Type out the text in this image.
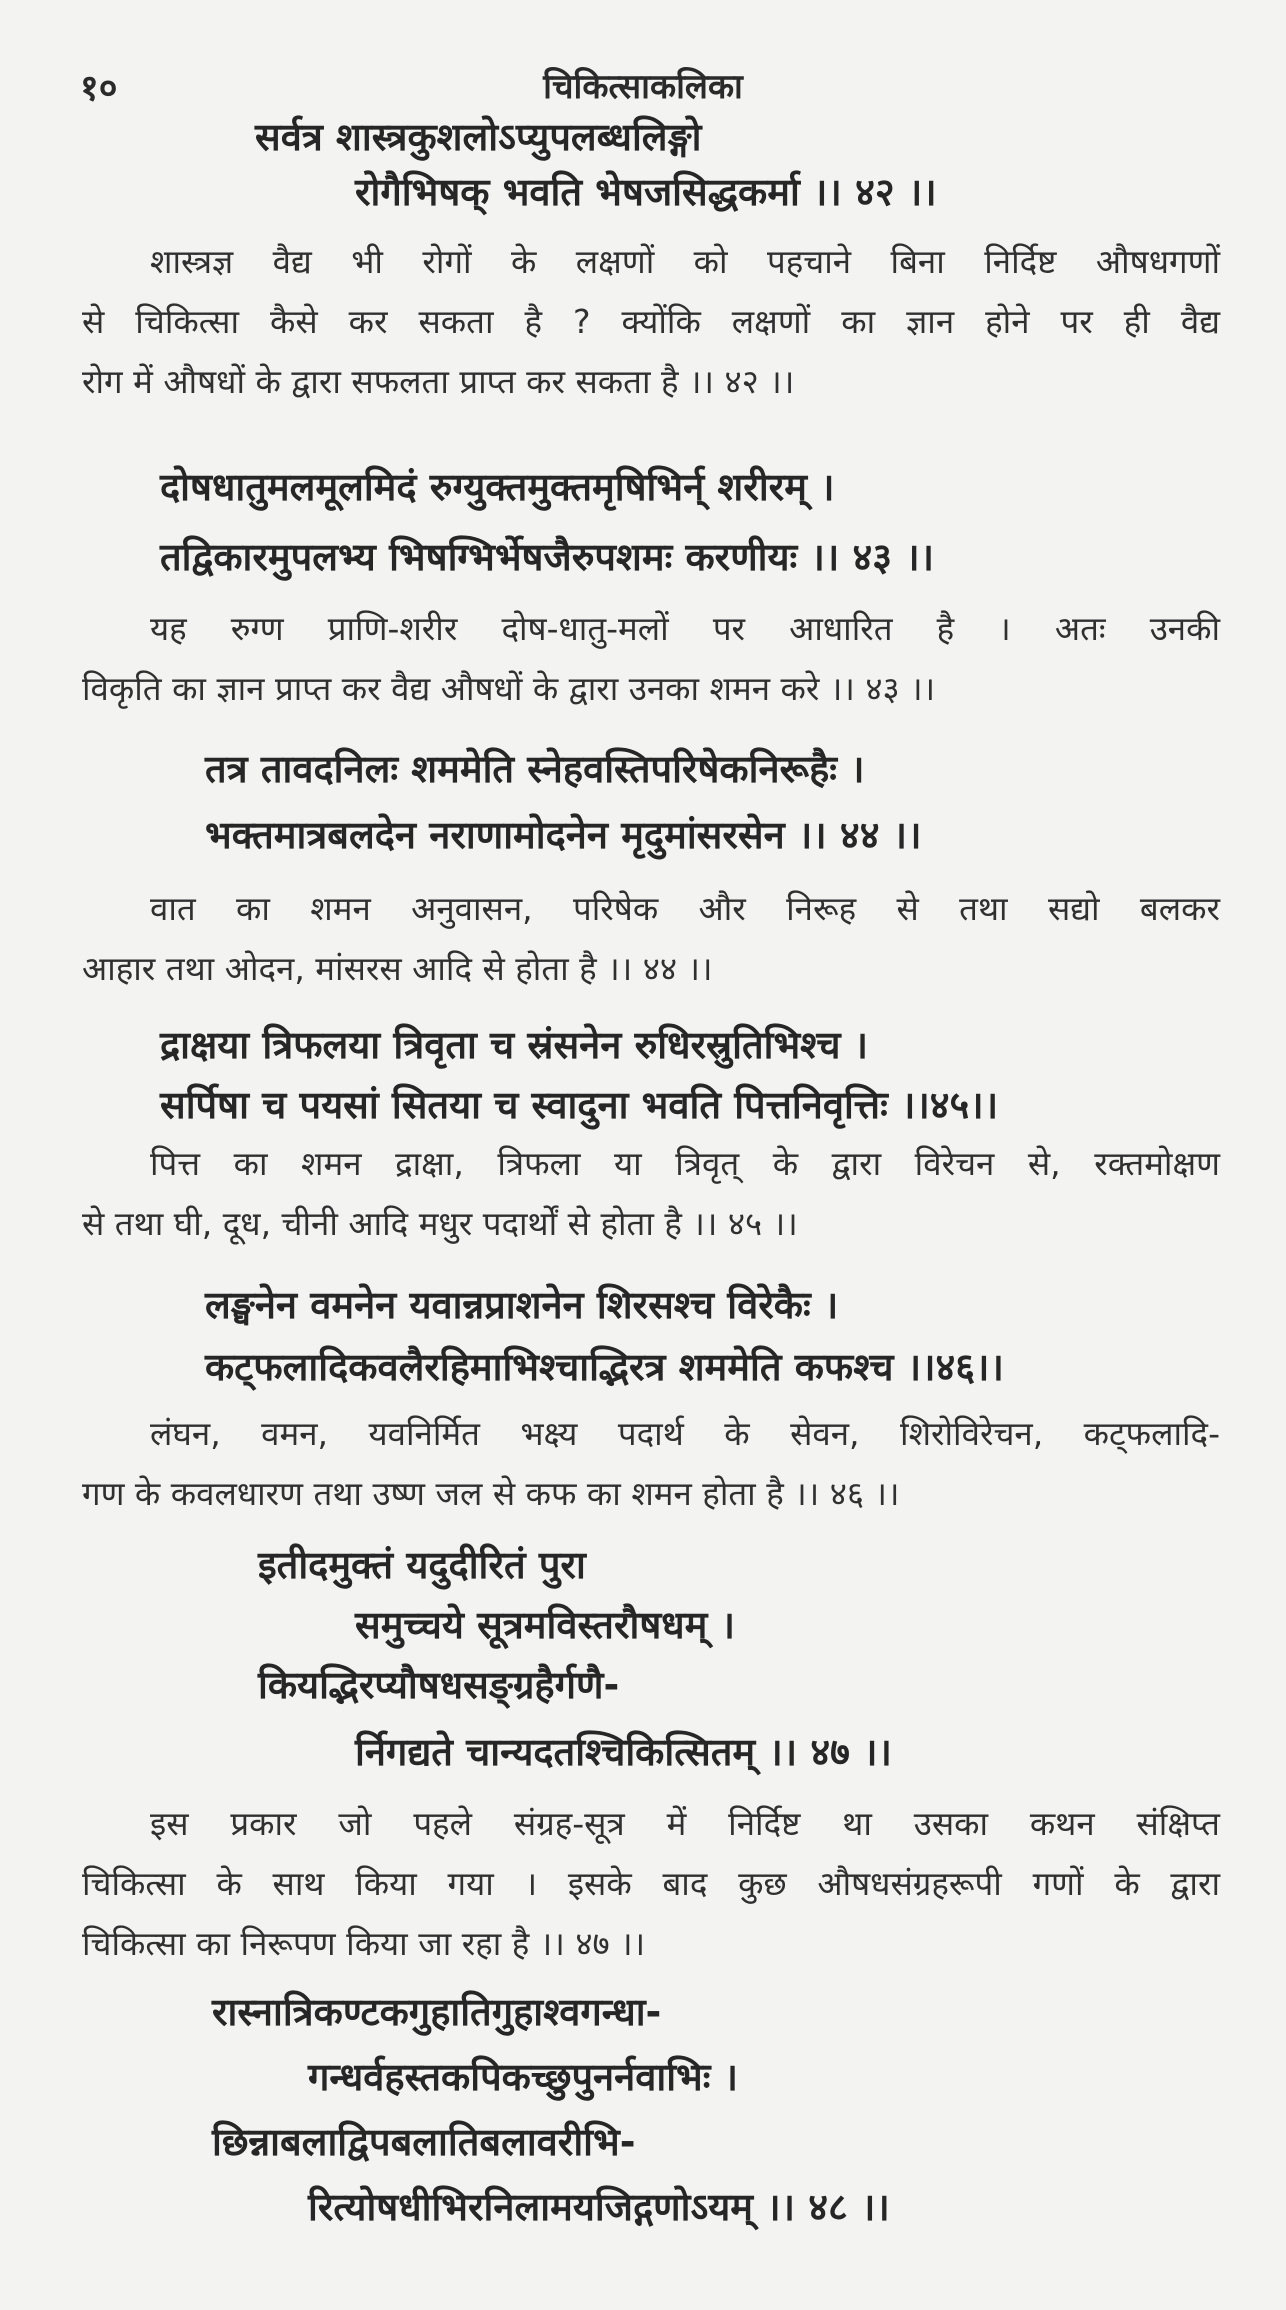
१०	चिकित्साकलिका
सर्वत्र शास्त्रकुशलोऽप्युपलब्धलिङ्गो
रोगैभिषक् भवति भेषजसिद्धकर्मा ।। ४२ ।।
शास्त्रज्ञ वैद्य भी रोगों के लक्षणों को पहचाने बिना निर्दिष्ट औषधगणों
से चिकित्सा कैसे कर सकता है ? क्योंकि लक्षणों का ज्ञान होने पर ही वैद्य
रोग में औषधों के द्वारा सफलता प्राप्त कर सकता है ।। ४२ ।।
दोषधातुमलमूलमिदं रुग्युक्तमुक्तमृषिभिर्न् शरीरम् ।
तद्विकारमुपलभ्य भिषग्भिर्भेषजैरुपशमः करणीयः ।। ४३ ।।
यह रुग्ण प्राणि-शरीर दोष-धातु-मलों पर आधारित है । अतः उनकी
विकृति का ज्ञान प्राप्त कर वैद्य औषधों के द्वारा उनका शमन करे ।। ४३ ।।
तत्र तावदनिलः शममेति स्नेहवस्तिपरिषेकनिरूहैः ।
भक्तमात्रबलदेन नराणामोदनेन मृदुमांसरसेन ।। ४४ ।।
वात का शमन अनुवासन, परिषेक और निरूह से तथा सद्यो बलकर
आहार तथा ओदन, मांसरस आदि से होता है ।। ४४ ।।
द्राक्षया त्रिफलया त्रिवृता च स्रंसनेन रुधिरस्रुतिभिश्च ।
सर्पिषा च पयसां सितया च स्वादुना भवति पित्तनिवृत्तिः ।।४५।।
पित्त का शमन द्राक्षा, त्रिफला या त्रिवृत् के द्वारा विरेचन से, रक्तमोक्षण
से तथा घी, दूध, चीनी आदि मधुर पदार्थों से होता है ।। ४५ ।।
लङ्घनेन वमनेन यवान्नप्राशनेन शिरसश्च विरेकैः ।
कट्फलादिकवलैरहिमाभिश्चाद्भिरत्र शममेति कफश्च ।।४६।।
लंघन, वमन, यवनिर्मित भक्ष्य पदार्थ के सेवन, शिरोविरेचन, कट्फलादि-
गण के कवलधारण तथा उष्ण जल से कफ का शमन होता है ।। ४६ ।।
इतीदमुक्तं यदुदीरितं पुरा
समुच्चये सूत्रमविस्तरौषधम् ।
कियद्भिरप्यौषधसङ्ग्रहैर्गणै-
र्निगद्यते चान्यदतश्चिकित्सितम् ।। ४७ ।।
इस प्रकार जो पहले संग्रह-सूत्र में निर्दिष्ट था उसका कथन संक्षिप्त
चिकित्सा के साथ किया गया । इसके बाद कुछ औषधसंग्रहरूपी गणों के द्वारा
चिकित्सा का निरूपण किया जा रहा है ।। ४७ ।।
रास्नात्रिकण्टकगुहातिगुहाश्वगन्धा-
गन्धर्वहस्तकपिकच्छुपुनर्नवाभिः ।
छिन्नाबलाद्विपबलातिबलावरीभि-
रित्योषधीभिरनिलामयजिद्गणोऽयम् ।। ४८ ।।
